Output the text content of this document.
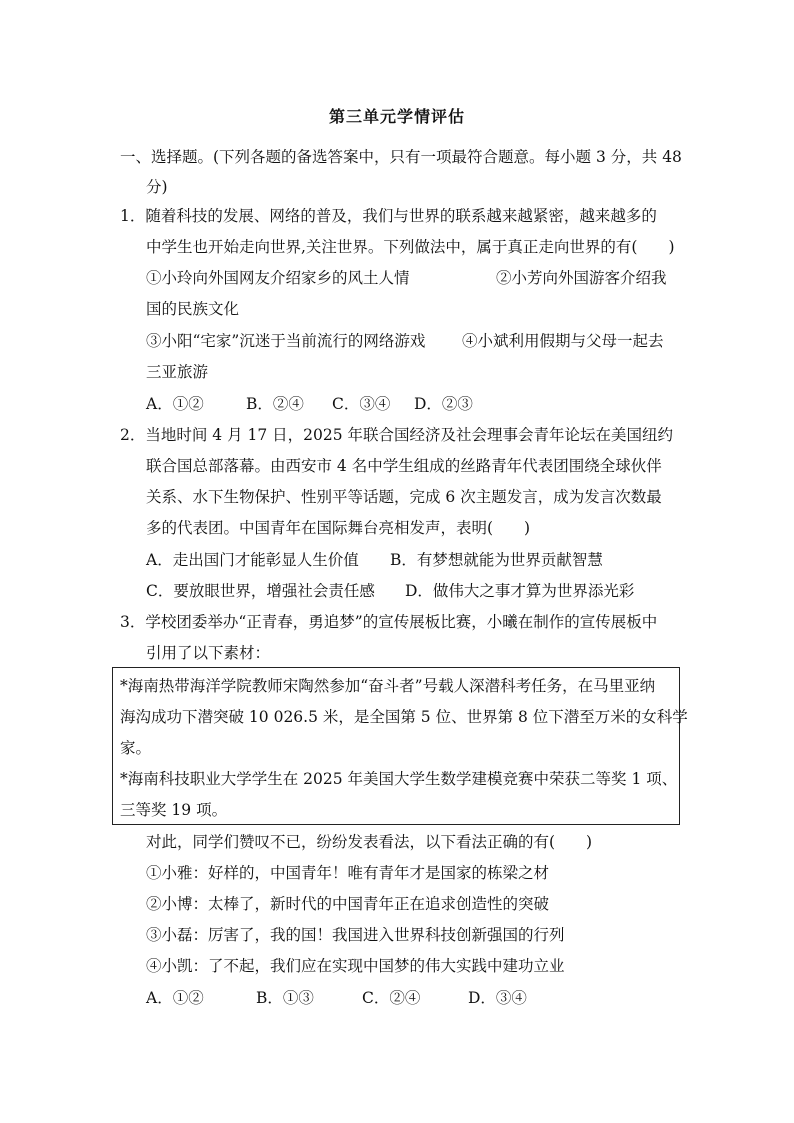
第三单元学情评估
一、选择题。(下列各题的备选答案中，只有一项最符合题意。每小题 3 分，共 48
分)
1．随着科技的发展、网络的普及，我们与世界的联系越来越紧密，越来越多的
中学生也开始走向世界,关注世界。下列做法中，属于真正走向世界的有(　　)
①小玲向外国网友介绍家乡的风土人情	②小芳向外国游客介绍我
国的民族文化
③小阳“宅家”沉迷于当前流行的网络游戏 ④小斌利用假期与父母一起去
三亚旅游
A．①②	B．②④ C．③④ D．②③
2．当地时间 4 月 17 日，2025 年联合国经济及社会理事会青年论坛在美国纽约
联合国总部落幕。由西安市 4 名中学生组成的丝路青年代表团围绕全球伙伴
关系、水下生物保护、性别平等话题，完成 6 次主题发言，成为发言次数最
多的代表团。中国青年在国际舞台亮相发声，表明(　　)
A．走出国门才能彰显人生价值 B．有梦想就能为世界贡献智慧
C．要放眼世界，增强社会责任感 D．做伟大之事才算为世界添光彩
3．学校团委举办“正青春，勇追梦”的宣传展板比赛，小曦在制作的宣传展板中
引用了以下素材：
*海南热带海洋学院教师宋陶然参加“奋斗者”号载人深潜科考任务，在马里亚纳
海沟成功下潜突破 10 026.5 米，是全国第 5 位、世界第 8 位下潜至万米的女科学
家。
*海南科技职业大学学生在 2025 年美国大学生数学建模竞赛中荣获二等奖 1 项、
三等奖 19 项。
对此，同学们赞叹不已，纷纷发表看法，以下看法正确的有(　　)
①小雅：好样的，中国青年！唯有青年才是国家的栋梁之材
②小博：太棒了，新时代的中国青年正在追求创造性的突破
③小磊：厉害了，我的国！我国进入世界科技创新强国的行列
④小凯：了不起，我们应在实现中国梦的伟大实践中建功立业
A．①②	B．①③	C．②④	D．③④
